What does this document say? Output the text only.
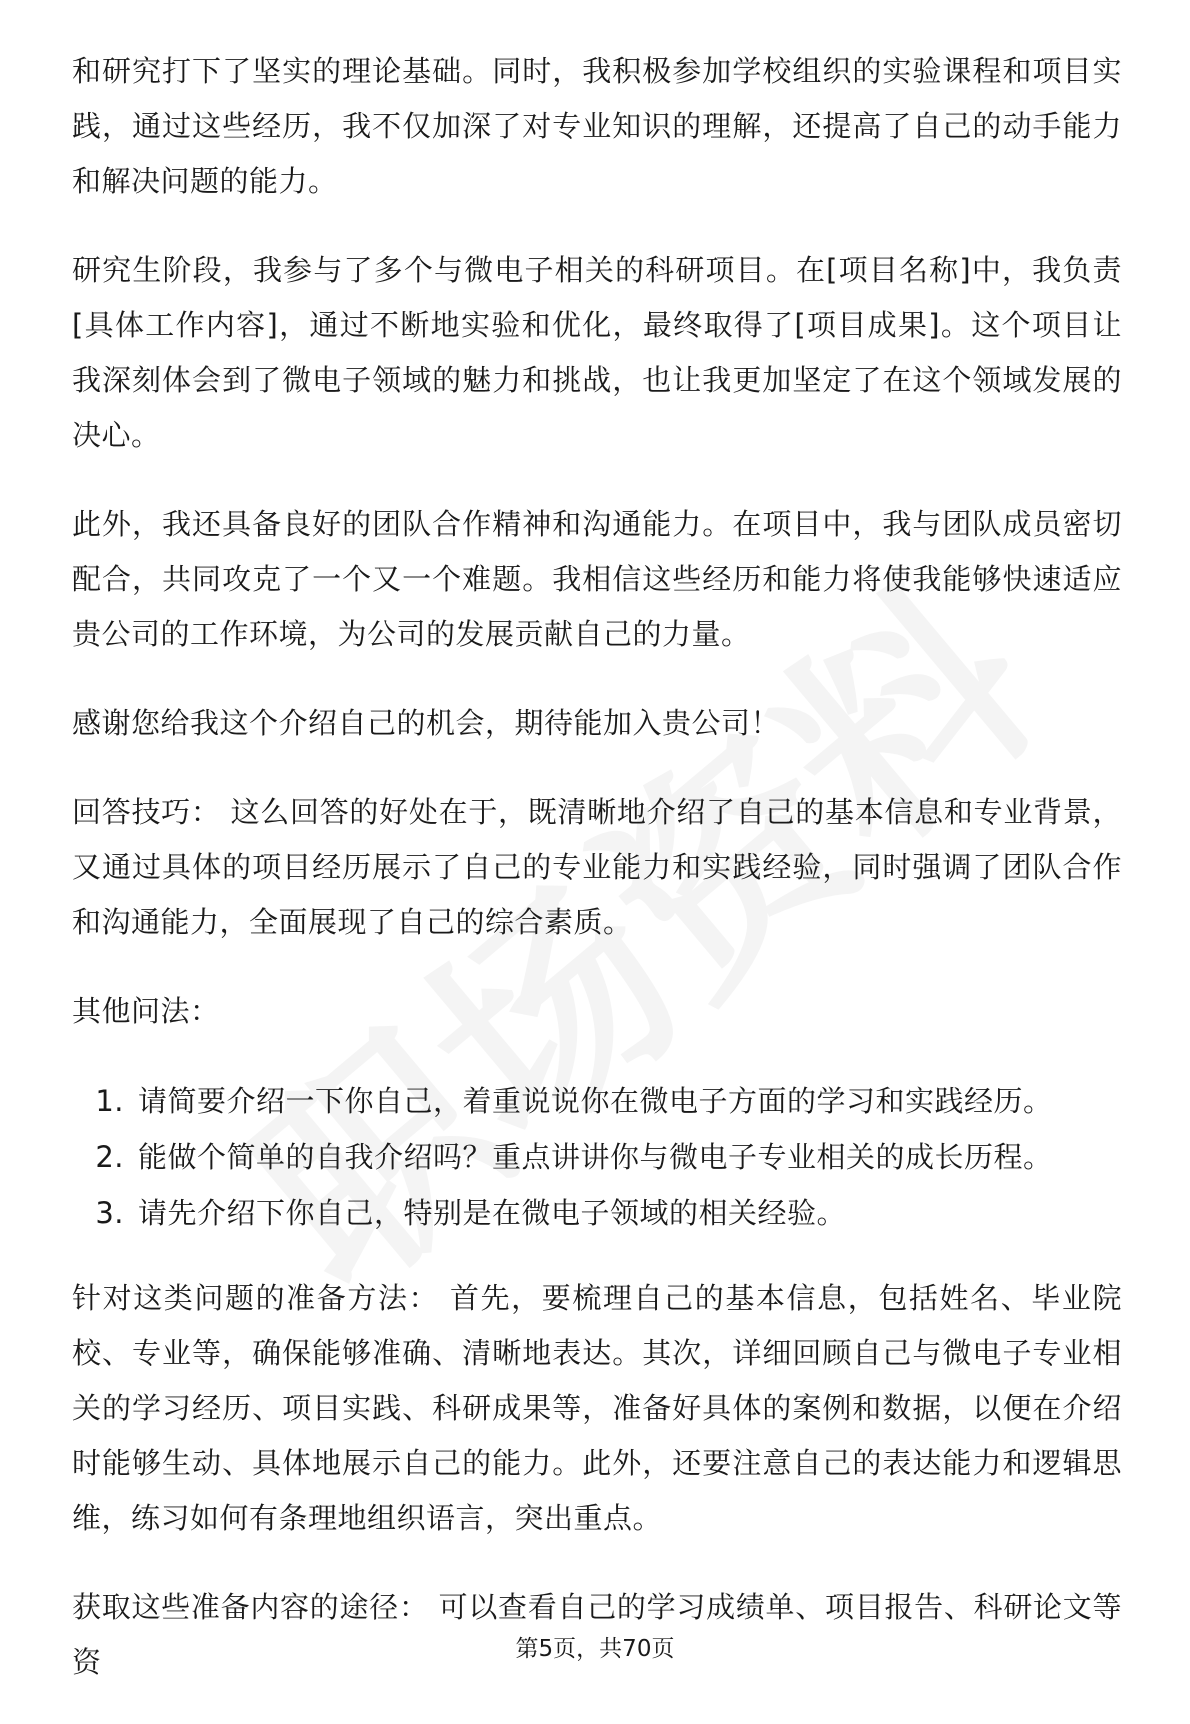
和研究打下了坚实的理论基础。同时，我积极参加学校组织的实验课程和项目实践，通过这些经历，我不仅加深了对专业知识的理解，还提高了自己的动手能力和解决问题的能力。

研究生阶段，我参与了多个与微电子相关的科研项目。在[项目名称]中，我负责[具体工作内容]，通过不断地实验和优化，最终取得了[项目成果]。这个项目让我深刻体会到了微电子领域的魅力和挑战，也让我更加坚定了在这个领域发展的决心。

此外，我还具备良好的团队合作精神和沟通能力。在项目中，我与团队成员密切配合，共同攻克了一个又一个难题。我相信这些经历和能力将使我能够快速适应贵公司的工作环境，为公司的发展贡献自己的力量。

感谢您给我这个介绍自己的机会，期待能加入贵公司！

回答技巧： 这么回答的好处在于，既清晰地介绍了自己的基本信息和专业背景，又通过具体的项目经历展示了自己的专业能力和实践经验，同时强调了团队合作和沟通能力，全面展现了自己的综合素质。

其他问法：

1. 请简要介绍一下你自己，着重说说你在微电子方面的学习和实践经历。
2. 能做个简单的自我介绍吗？重点讲讲你与微电子专业相关的成长历程。
3. 请先介绍下你自己，特别是在微电子领域的相关经验。

针对这类问题的准备方法： 首先，要梳理自己的基本信息，包括姓名、毕业院校、专业等，确保能够准确、清晰地表达。其次，详细回顾自己与微电子专业相关的学习经历、项目实践、科研成果等，准备好具体的案例和数据，以便在介绍时能够生动、具体地展示自己的能力。此外，还要注意自己的表达能力和逻辑思维，练习如何有条理地组织语言，突出重点。

获取这些准备内容的途径： 可以查看自己的学习成绩单、项目报告、科研论文等资	第5页，共70页
